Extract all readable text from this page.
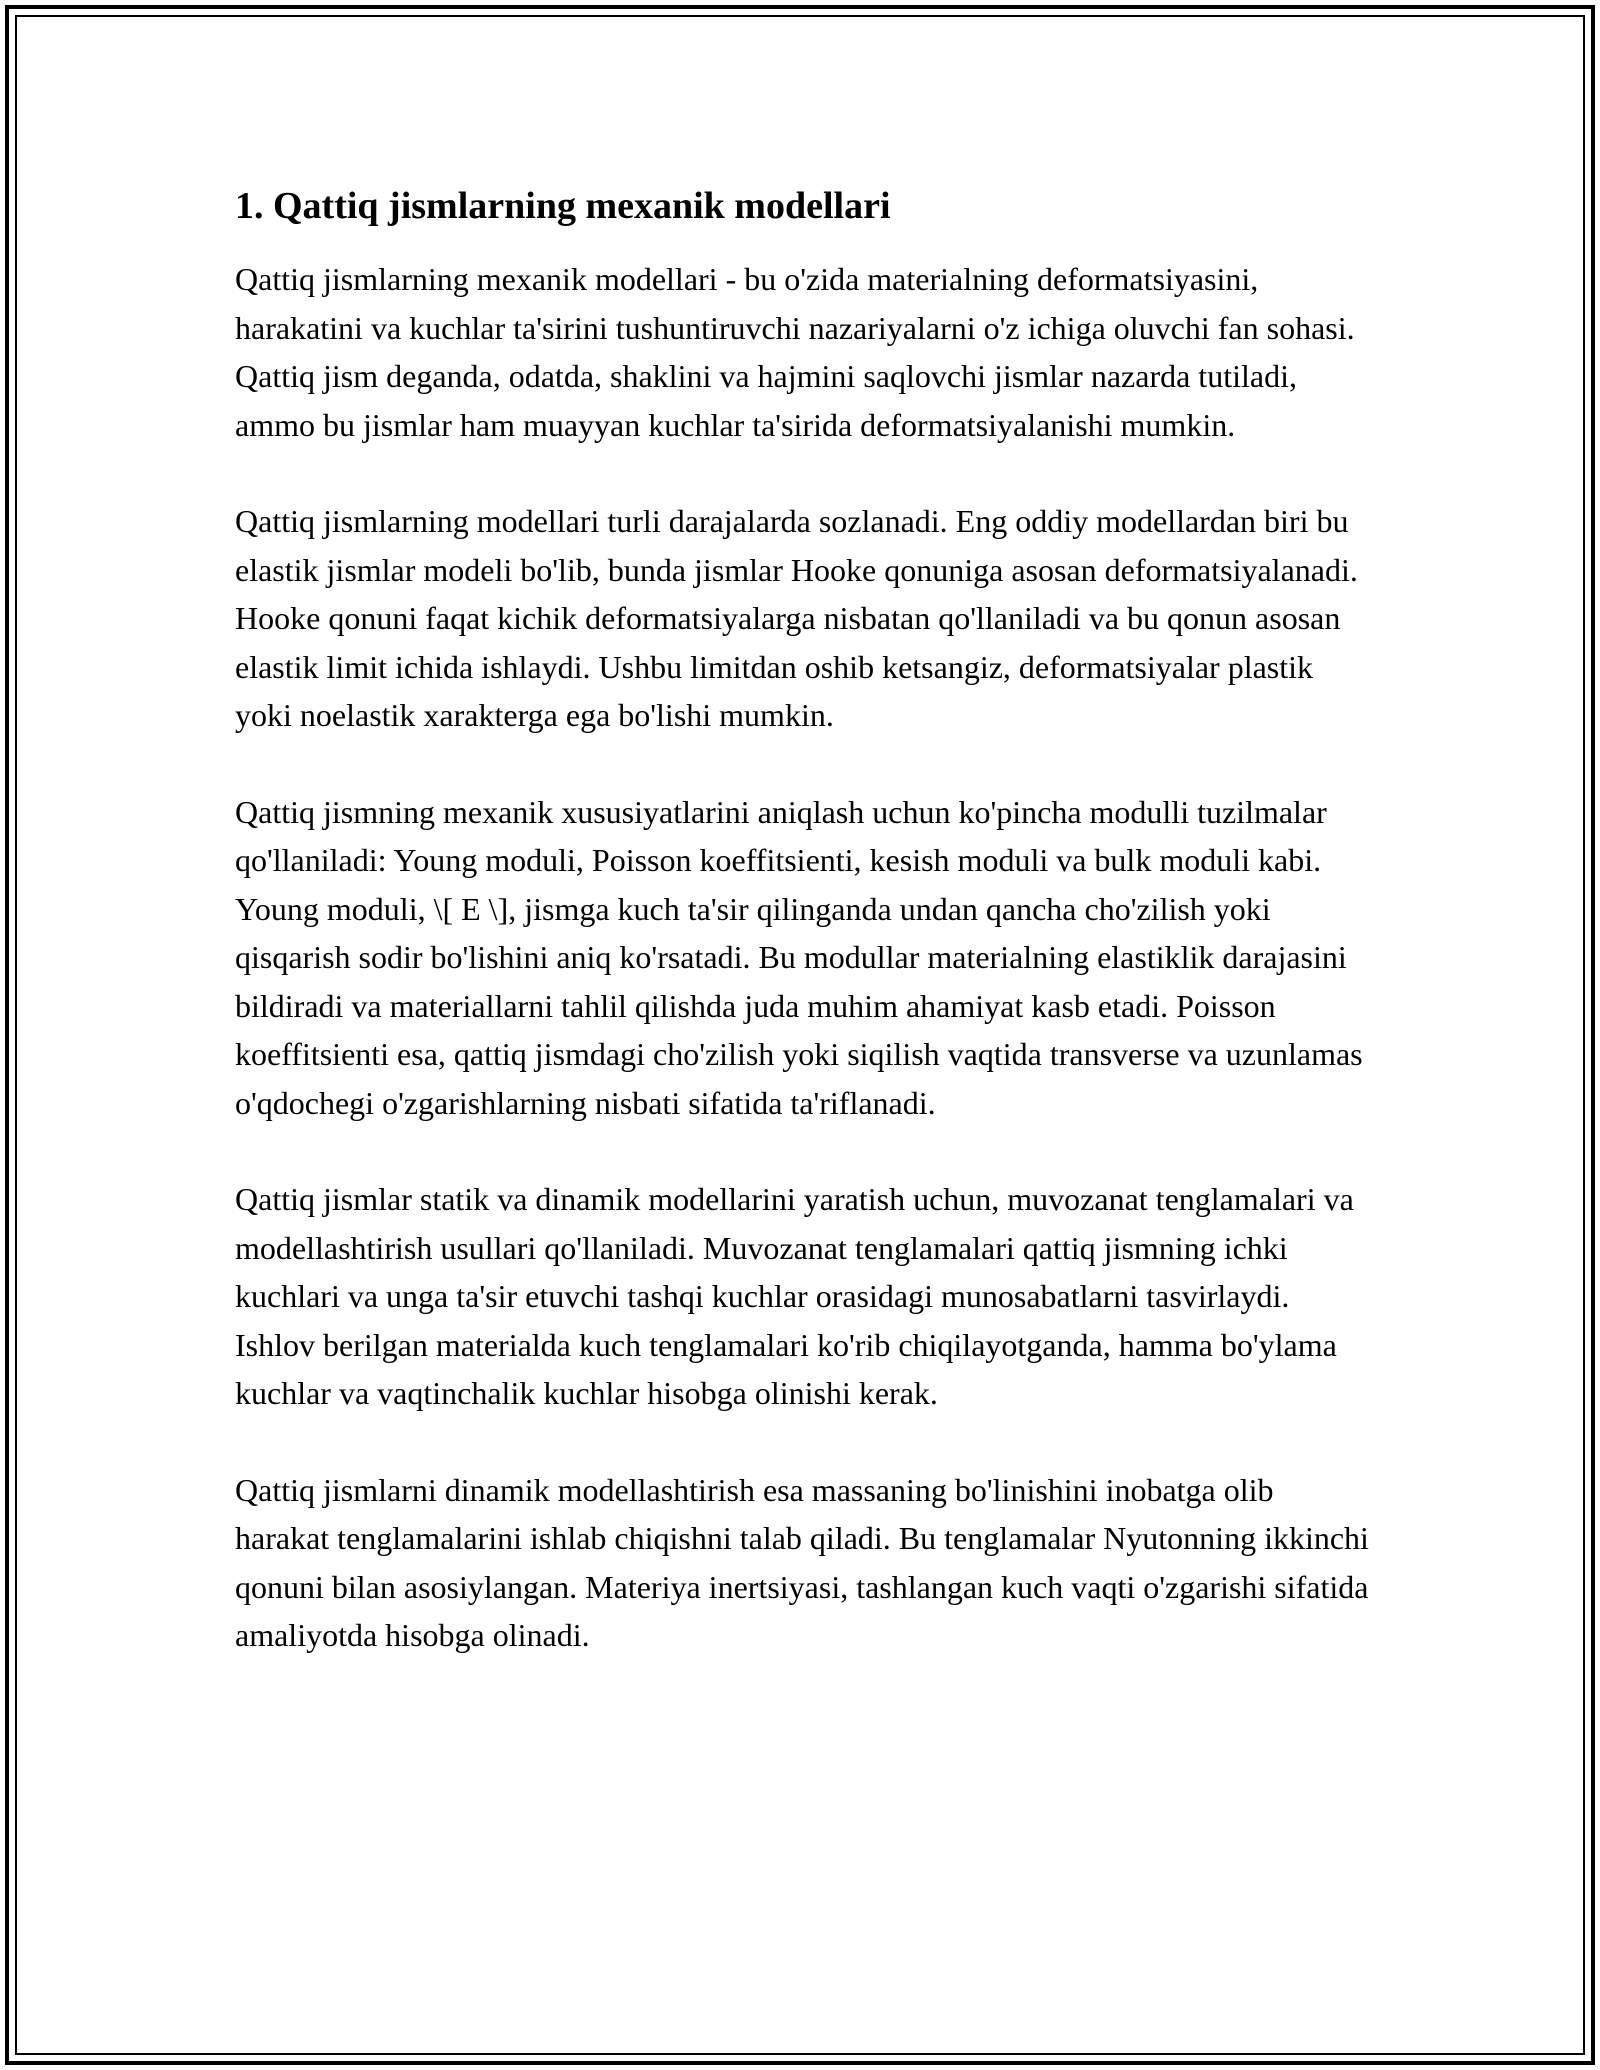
1. Qattiq jismlarning mexanik modellari

Qattiq jismlarning mexanik modellari - bu o'zida materialning deformatsiyasini, harakatini va kuchlar ta'sirini tushuntiruvchi nazariyalarni o'z ichiga oluvchi fan sohasi. Qattiq jism deganda, odatda, shaklini va hajmini saqlovchi jismlar nazarda tutiladi, ammo bu jismlar ham muayyan kuchlar ta'sirida deformatsiyalanishi mumkin.

Qattiq jismlarning modellari turli darajalarda sozlanadi. Eng oddiy modellardan biri bu elastik jismlar modeli bo'lib, bunda jismlar Hooke qonuniga asosan deformatsiyalanadi. Hooke qonuni faqat kichik deformatsiyalarga nisbatan qo'llaniladi va bu qonun asosan elastik limit ichida ishlaydi. Ushbu limitdan oshib ketsangiz, deformatsiyalar plastik yoki noelastik xarakterga ega bo'lishi mumkin.

Qattiq jismning mexanik xususiyatlarini aniqlash uchun ko'pincha modulli tuzilmalar qo'llaniladi: Young moduli, Poisson koeffitsienti, kesish moduli va bulk moduli kabi. Young moduli, \[ E \], jismga kuch ta'sir qilinganda undan qancha cho'zilish yoki qisqarish sodir bo'lishini aniq ko'rsatadi. Bu modullar materialning elastiklik darajasini bildiradi va materiallarni tahlil qilishda juda muhim ahamiyat kasb etadi. Poisson koeffitsienti esa, qattiq jismdagi cho'zilish yoki siqilish vaqtida transverse va uzunlamas o'qdochegi o'zgarishlarning nisbati sifatida ta'riflanadi.

Qattiq jismlar statik va dinamik modellarini yaratish uchun, muvozanat tenglamalari va modellashtirish usullari qo'llaniladi. Muvozanat tenglamalari qattiq jismning ichki kuchlari va unga ta'sir etuvchi tashqi kuchlar orasidagi munosabatlarni tasvirlaydi. Ishlov berilgan materialda kuch tenglamalari ko'rib chiqilayotganda, hamma bo'ylama kuchlar va vaqtinchalik kuchlar hisobga olinishi kerak.

Qattiq jismlarni dinamik modellashtirish esa massaning bo'linishini inobatga olib harakat tenglamalarini ishlab chiqishni talab qiladi. Bu tenglamalar Nyutonning ikkinchi qonuni bilan asosiylangan. Materiya inertsiyasi, tashlangan kuch vaqti o'zgarishi sifatida amaliyotda hisobga olinadi.
